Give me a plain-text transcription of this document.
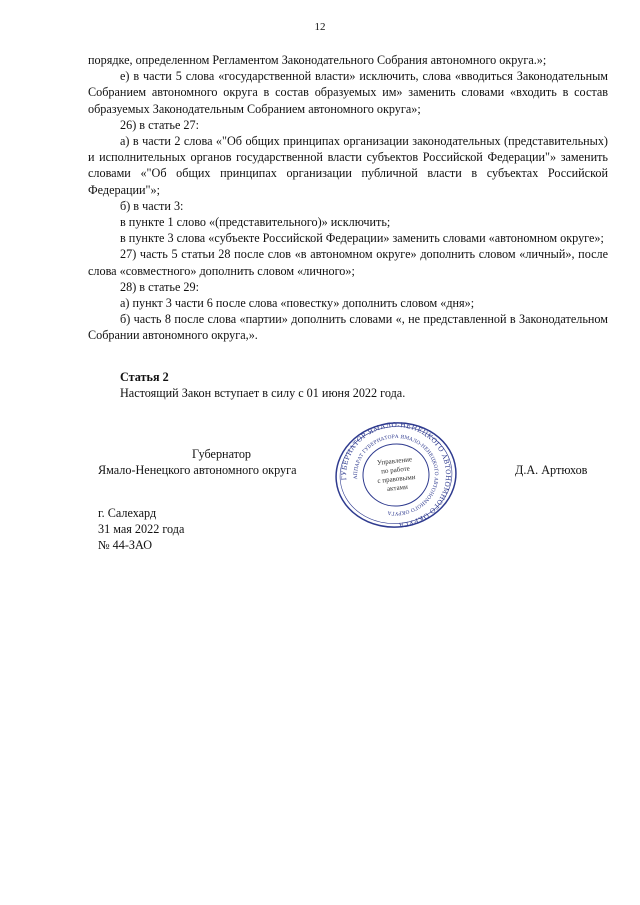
12

порядке, определенном Регламентом Законодательного Собрания автономного округа.»;

е) в части 5 слова «государственной власти» исключить, слова «вводиться Законодательным Собранием автономного округа в состав образуемых им» заменить словами «входить в состав образуемых Законодательным Собранием автономного округа»;

26) в статье 27:

а) в части 2 слова «"Об общих принципах организации законодательных (представительных) и исполнительных органов государственной власти субъектов Российской Федерации"» заменить словами «"Об общих принципах организации публичной власти в субъектах Российской Федерации"»;

б) в части 3:

в пункте 1 слово «(представительного)» исключить;

в пункте 3 слова «субъекте Российской Федерации» заменить словами «автономном округе»;

27) часть 5 статьи 28 после слов «в автономном округе» дополнить словом «личный», после слова «совместного» дополнить словом «личного»;

28) в статье 29:

а) пункт 3 части 6 после слова «повестку» дополнить словом «дня»;

б) часть 8 после слова «партии» дополнить словами «, не представленной в Законодательном Собрании автономного округа,».

Статья 2

Настоящий Закон вступает в силу с 01 июня 2022 года.

Губернатор
Ямало-Ненецкого автономного округа	Д.А. Артюхов
ГУБЕРНАТОР ЯМАЛО-НЕНЕЦКОГО АВТОНОМНОГО ОКРУГА
АППАРАТ ГУБЕРНАТОРА ЯМАЛО-НЕНЕЦКОГО АВТОНОМНОГО ОКРУГА
Управление
по работе
с правовыми
актами
г. Салехард
31 мая 2022 года
№ 44-ЗАО
